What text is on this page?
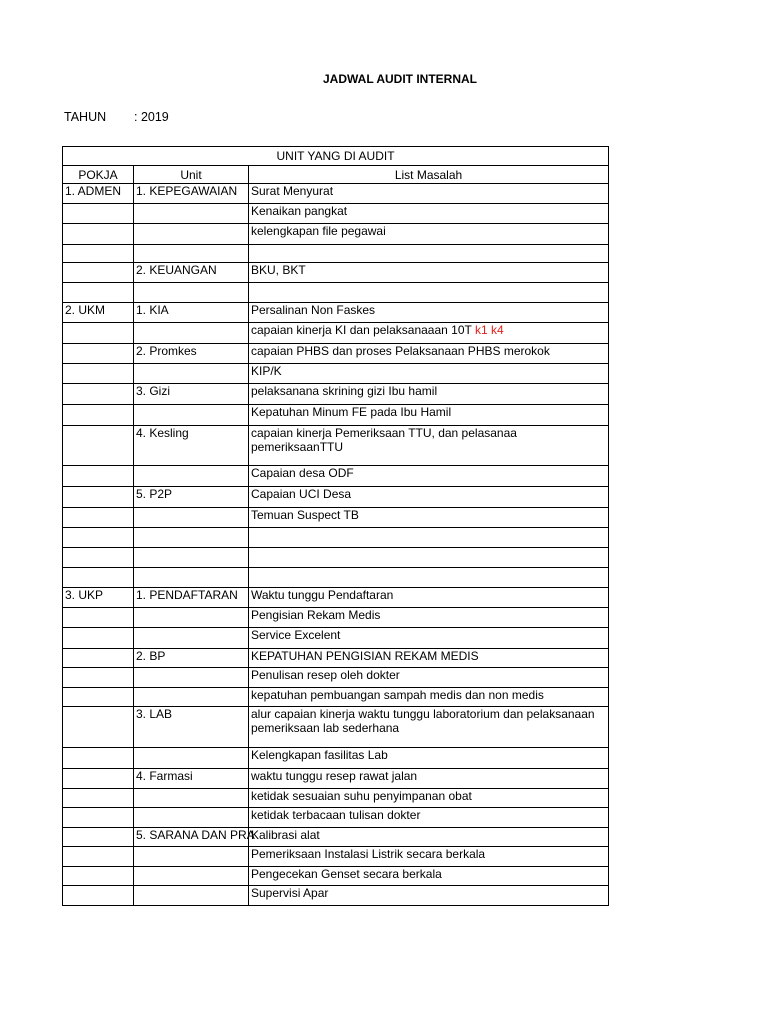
JADWAL AUDIT INTERNAL
TAHUN : 2019
UNIT YANG DI AUDIT		
POKJA	Unit	List Masalah
1. ADMEN	1. KEPEGAWAIAN	Surat Menyurat
		Kenaikan pangkat
		kelengkapan file pegawai

	2. KEUANGAN	BKU, BKT

2. UKM	1. KIA	Persalinan Non Faskes
		capaian kinerja KI dan pelaksanaaan 10T k1 k4
	2. Promkes	capaian PHBS dan proses Pelaksanaan PHBS merokok
		KIP/K
	3. Gizi	pelaksanana skrining gizi Ibu hamil
		Kepatuhan Minum FE pada Ibu Hamil
	4. Kesling	capaian kinerja Pemeriksaan TTU, dan pelasanaa pemeriksaanTTU
		Capaian desa ODF
	5. P2P	Capaian UCI Desa
		Temuan Suspect TB

3. UKP	1. PENDAFTARAN	Waktu tunggu Pendaftaran
		Pengisian Rekam Medis
		Service Excelent
	2. BP	KEPATUHAN PENGISIAN REKAM MEDIS
		Penulisan resep oleh dokter
		kepatuhan pembuangan sampah medis dan non medis
	3. LAB	alur capaian kinerja waktu tunggu laboratorium dan pelaksanaan pemeriksaan lab sederhana
		Kelengkapan fasilitas Lab
	4. Farmasi	waktu tunggu resep rawat jalan
		ketidak sesuaian suhu penyimpanan obat
		ketidak terbacaan tulisan dokter
	5. SARANA DAN PRA	Kalibrasi alat
		Pemeriksaan Instalasi Listrik secara berkala
		Pengecekan Genset secara berkala
		Supervisi Apar
